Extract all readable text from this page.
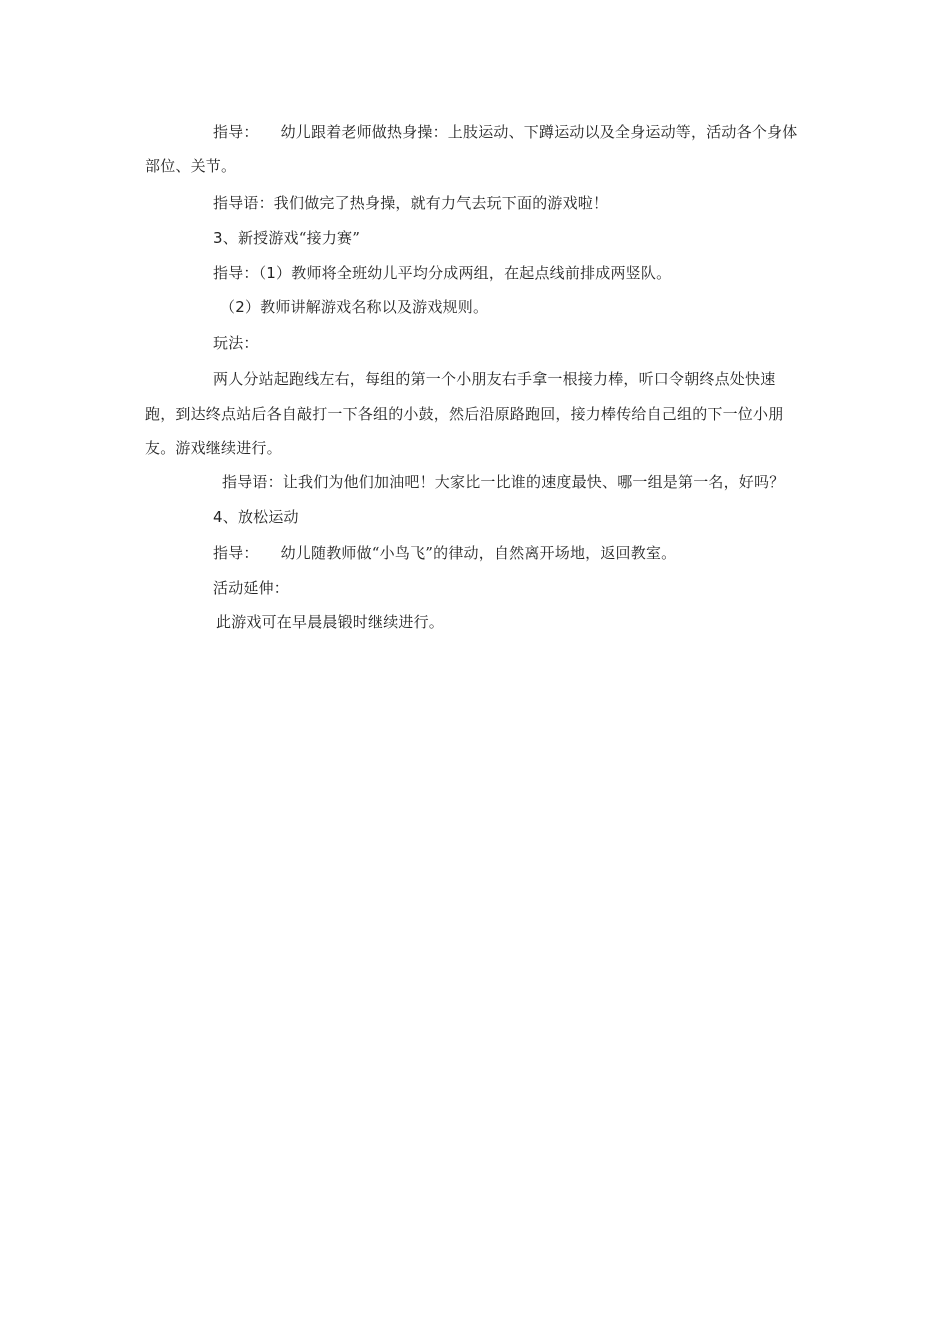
指导： 幼儿跟着老师做热身操：上肢运动、下蹲运动以及全身运动等，活动各个身体
部位、关节。
指导语：我们做完了热身操，就有力气去玩下面的游戏啦！
3、新授游戏“接力赛”
指导：（1）教师将全班幼儿平均分成两组，在起点线前排成两竖队。
（2）教师讲解游戏名称以及游戏规则。
玩法：
两人分站起跑线左右，每组的第一个小朋友右手拿一根接力棒，听口令朝终点处快速
跑，到达终点站后各自敲打一下各组的小鼓，然后沿原路跑回，接力棒传给自己组的下一位小朋
友。游戏继续进行。
指导语：让我们为他们加油吧！大家比一比谁的速度最快、哪一组是第一名，好吗？
4、放松运动
指导： 幼儿随教师做“小鸟飞”的律动，自然离开场地，返回教室。
活动延伸：
此游戏可在早晨晨锻时继续进行。
